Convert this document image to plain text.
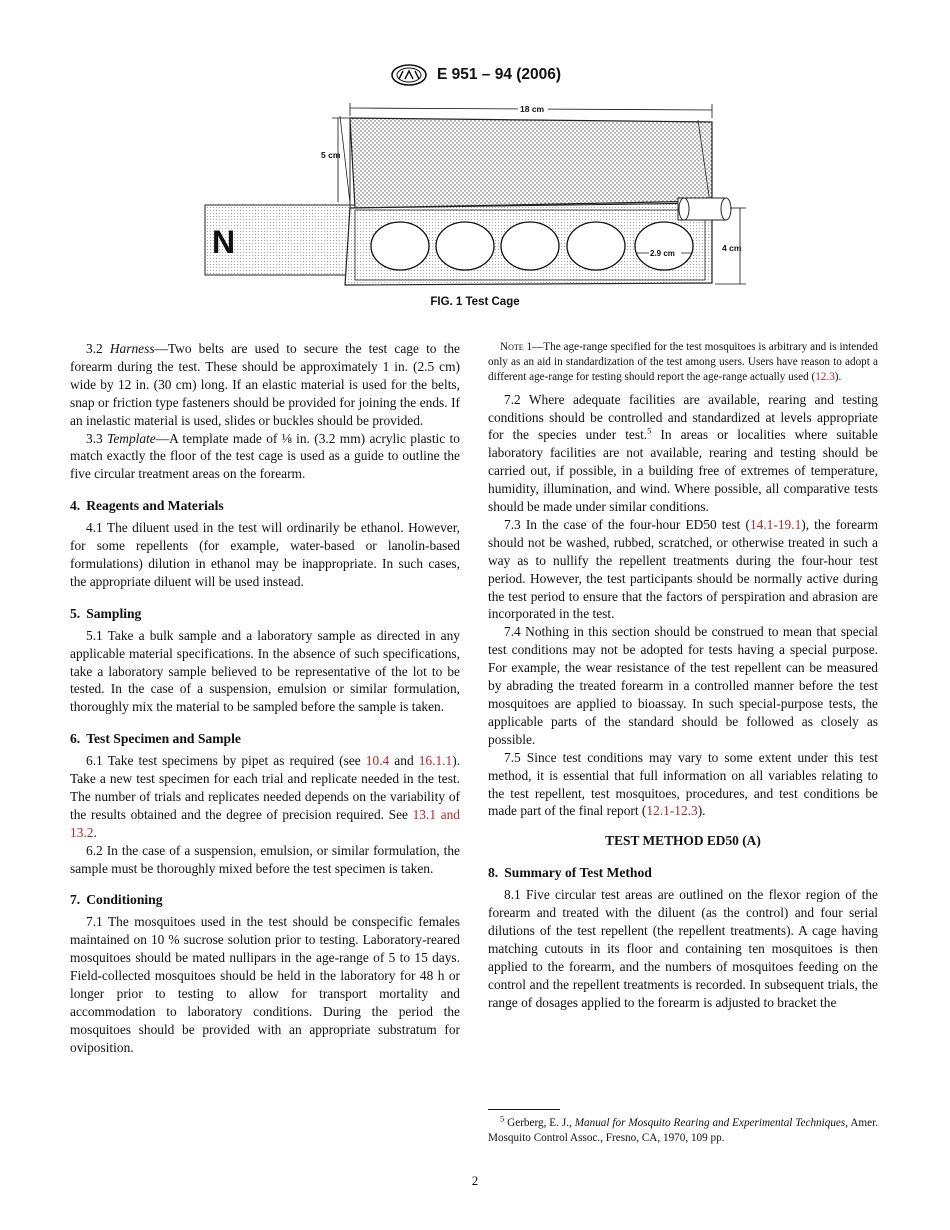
E 951 – 94 (2006)
N
18 cm
5 cm
4 cm
2.9 cm
FIG. 1 Test Cage

3.2 Harness—Two belts are used to secure the test cage to the forearm during the test. These should be approximately 1 in. (2.5 cm) wide by 12 in. (30 cm) long. If an elastic material is used for the belts, snap or friction type fasteners should be provided for joining the ends. If an inelastic material is used, slides or buckles should be provided.

3.3 Template—A template made of ⅛ in. (3.2 mm) acrylic plastic to match exactly the floor of the test cage is used as a guide to outline the five circular treatment areas on the forearm.

4. Reagents and Materials

4.1 The diluent used in the test will ordinarily be ethanol. However, for some repellents (for example, water-based or lanolin-based formulations) dilution in ethanol may be inappropriate. In such cases, the appropriate diluent will be used instead.

5. Sampling

5.1 Take a bulk sample and a laboratory sample as directed in any applicable material specifications. In the absence of such specifications, take a laboratory sample believed to be representative of the lot to be tested. In the case of a suspension, emulsion or similar formulation, thoroughly mix the material to be sampled before the sample is taken.

6. Test Specimen and Sample

6.1 Take test specimens by pipet as required (see 10.4 and 16.1.1). Take a new test specimen for each trial and replicate needed in the test. The number of trials and replicates needed depends on the variability of the results obtained and the degree of precision required. See 13.1 and 13.2.

6.2 In the case of a suspension, emulsion, or similar formulation, the sample must be thoroughly mixed before the test specimen is taken.

7. Conditioning

7.1 The mosquitoes used in the test should be conspecific females maintained on 10 % sucrose solution prior to testing. Laboratory-reared mosquitoes should be mated nullipars in the age-range of 5 to 15 days. Field-collected mosquitoes should be held in the laboratory for 48 h or longer prior to testing to allow for transport mortality and accommodation to laboratory conditions. During the period the mosquitoes should be provided with an appropriate substratum for oviposition.

Note 1—The age-range specified for the test mosquitoes is arbitrary and is intended only as an aid in standardization of the test among users. Users have reason to adopt a different age-range for testing should report the age-range actually used (12.3).

7.2 Where adequate facilities are available, rearing and testing conditions should be controlled and standardized at levels appropriate for the species under test.$^5$ In areas or localities where suitable laboratory facilities are not available, rearing and testing should be carried out, if possible, in a building free of extremes of temperature, humidity, illumination, and wind. Where possible, all comparative tests should be made under similar conditions.

7.3 In the case of the four-hour ED50 test (14.1-19.1), the forearm should not be washed, rubbed, scratched, or otherwise treated in such a way as to nullify the repellent treatments during the four-hour test period. However, the test participants should be normally active during the test period to ensure that the factors of perspiration and abrasion are incorporated in the test.

7.4 Nothing in this section should be construed to mean that special test conditions may not be adopted for tests having a special purpose. For example, the wear resistance of the test repellent can be measured by abrading the treated forearm in a controlled manner before the test mosquitoes are applied to bioassay. In such special-purpose tests, the applicable parts of the standard should be followed as closely as possible.

7.5 Since test conditions may vary to some extent under this test method, it is essential that full information on all variables relating to the test repellent, test mosquitoes, procedures, and test conditions be made part of the final report (12.1-12.3).

TEST METHOD ED50 (A)

8. Summary of Test Method

8.1 Five circular test areas are outlined on the flexor region of the forearm and treated with the diluent (as the control) and four serial dilutions of the test repellent (the repellent treatments). A cage having matching cutouts in its floor and containing ten mosquitoes is then applied to the forearm, and the numbers of mosquitoes feeding on the control and the repellent treatments is recorded. In subsequent trials, the range of dosages applied to the forearm is adjusted to bracket the

$^5$ Gerberg, E. J., Manual for Mosquito Rearing and Experimental Techniques, Amer. Mosquito Control Assoc., Fresno, CA, 1970, 109 pp.
2
